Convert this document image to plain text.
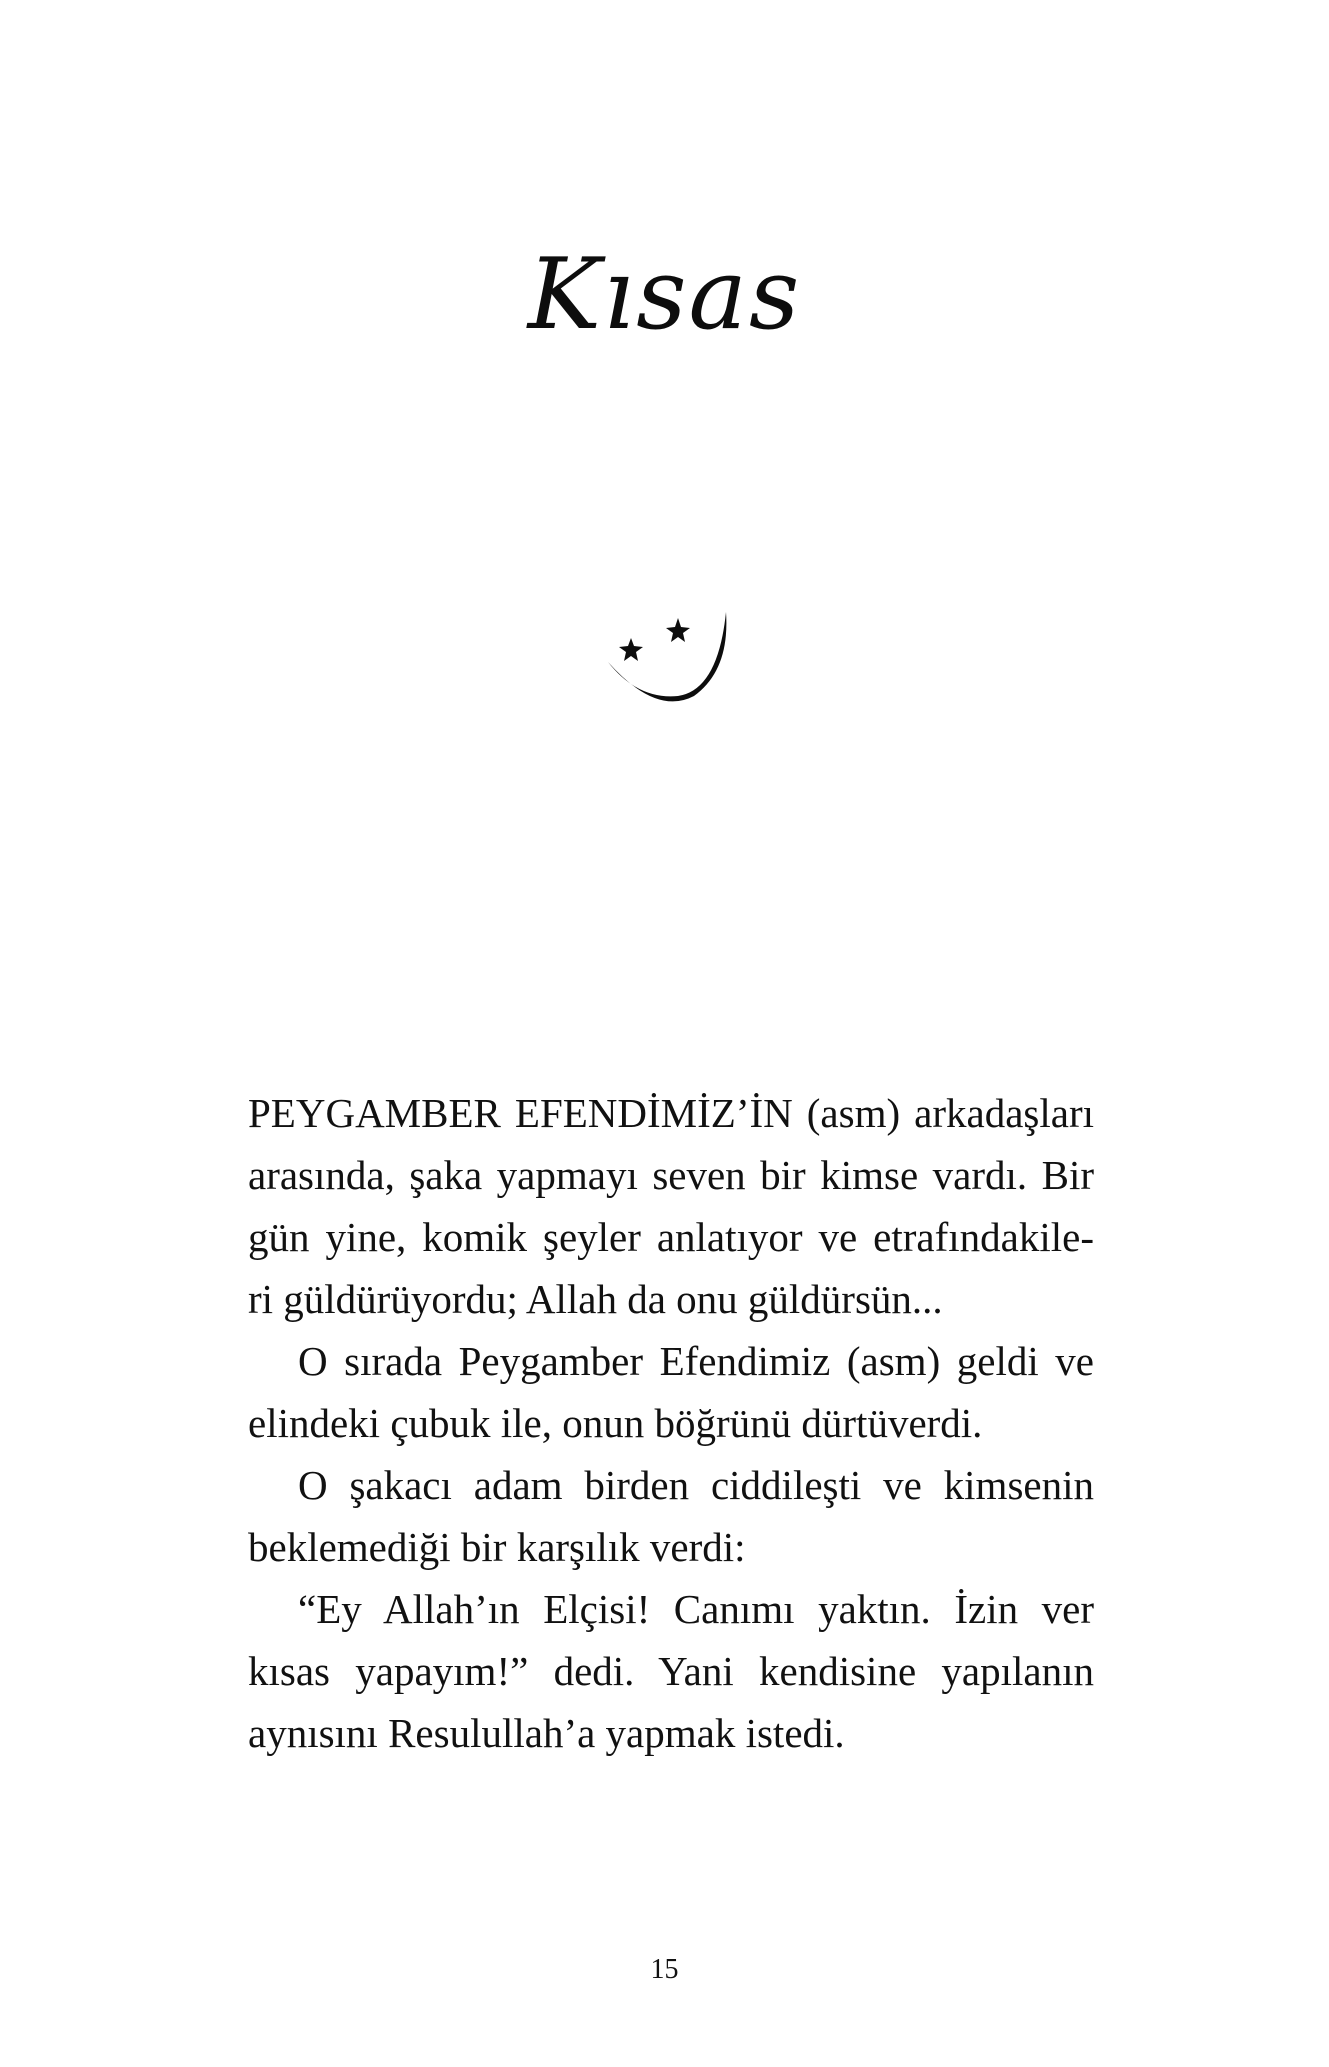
Kısas

PEYGAMBER EFENDİMİZ’İN (asm) arkadaşları
arasında, şaka yapmayı seven bir kimse vardı. Bir
gün yine, komik şeyler anlatıyor ve etrafındakile-
ri güldürüyordu; Allah da onu güldürsün...

O sırada Peygamber Efendimiz (asm) geldi ve
elindeki çubuk ile, onun böğrünü dürtüverdi.

O şakacı adam birden ciddileşti ve kimsenin
beklemediği bir karşılık verdi:

“Ey Allah’ın Elçisi! Canımı yaktın. İzin ver
kısas yapayım!” dedi. Yani kendisine yapılanın
aynısını Resulullah’a yapmak istedi.

15
